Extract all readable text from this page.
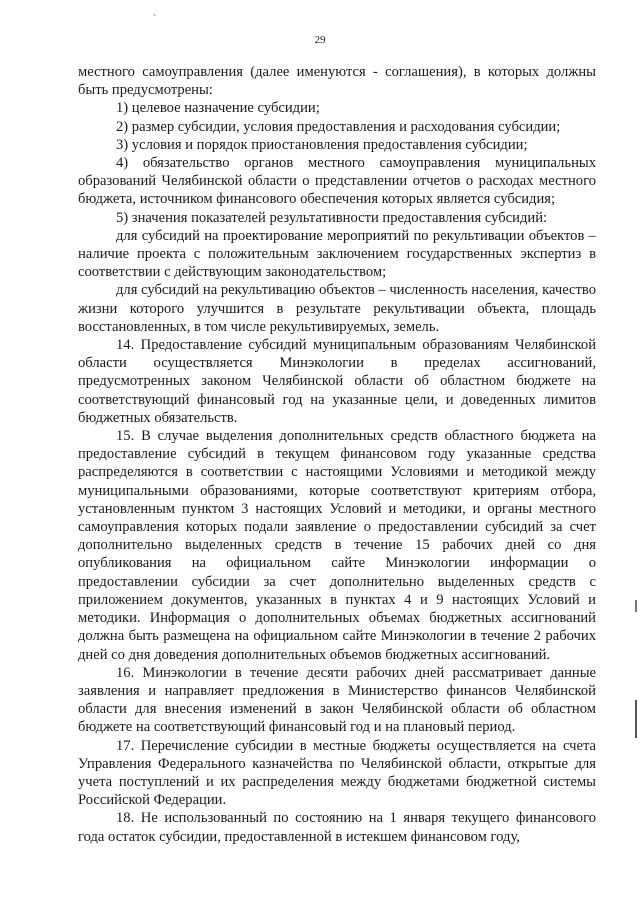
`
29

местного самоуправления (далее именуются - соглашения), в которых должны быть предусмотрены:

1) целевое назначение субсидии;

2) размер субсидии, условия предоставления и расходования субсидии;

3) условия и порядок приостановления предоставления субсидии;

4) обязательство органов местного самоуправления муниципальных образований Челябинской области о представлении отчетов о расходах местного бюджета, источником финансового обеспечения которых является субсидия;

5) значения показателей результативности предоставления субсидий:

для субсидий на проектирование мероприятий по рекультивации объектов – наличие проекта с положительным заключением государственных экспертиз в соответствии с действующим законодательством;

для субсидий на рекультивацию объектов – численность населения, качество жизни которого улучшится в результате рекультивации объекта, площадь восстановленных, в том числе рекультивируемых, земель.

14. Предоставление субсидий муниципальным образованиям Челябинской области осуществляется Минэкологии в пределах ассигнований, предусмотренных законом Челябинской области об областном бюджете на соответствующий финансовый год на указанные цели, и доведенных лимитов бюджетных обязательств.

15. В случае выделения дополнительных средств областного бюджета на предоставление субсидий в текущем финансовом году указанные средства распределяются в соответствии с настоящими Условиями и методикой между муниципальными образованиями, которые соответствуют критериям отбора, установленным пунктом 3 настоящих Условий и методики, и органы местного самоуправления которых подали заявление о предоставлении субсидий за счет дополнительно выделенных средств в течение 15 рабочих дней со дня опубликования на официальном сайте Минэкологии информации о предоставлении субсидии за счет дополнительно выделенных средств с приложением документов, указанных в пунктах 4 и 9 настоящих Условий и методики. Информация о дополнительных объемах бюджетных ассигнований должна быть размещена на официальном сайте Минэкологии в течение 2 рабочих дней со дня доведения дополнительных объемов бюджетных ассигнований.

16. Минэкологии в течение десяти рабочих дней рассматривает данные заявления и направляет предложения в Министерство финансов Челябинской области для внесения изменений в закон Челябинской области об областном бюджете на соответствующий финансовый год и на плановый период.

17. Перечисление субсидии в местные бюджеты осуществляется на счета Управления Федерального казначейства по Челябинской области, открытые для учета поступлений и их распределения между бюджетами бюджетной системы Российской Федерации.

18. Не использованный по состоянию на 1 января текущего финансового года остаток субсидии, предоставленной в истекшем финансовом году,
